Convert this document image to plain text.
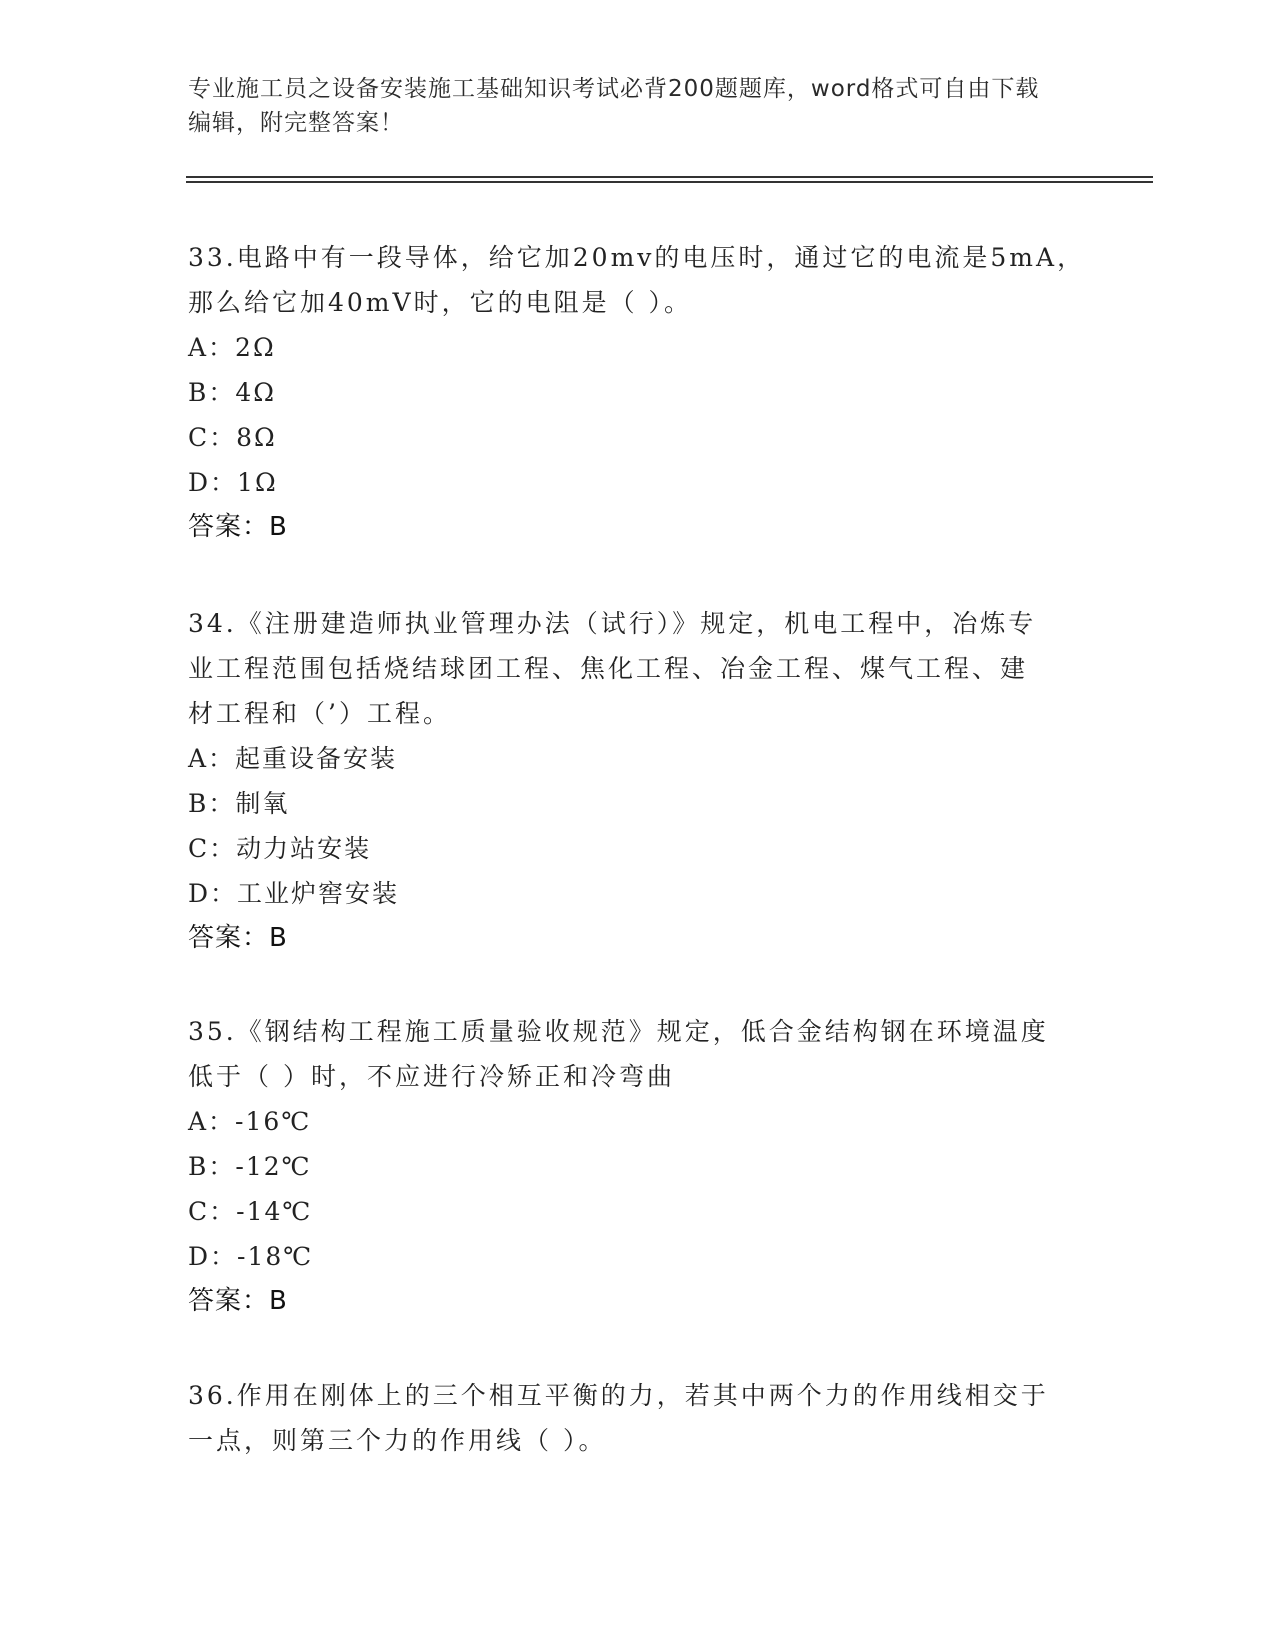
专业施工员之设备安装施工基础知识考试必背200题题库，word格式可自由下载
编辑，附完整答案！
33.电路中有一段导体，给它加20mv的电压时，通过它的电流是5mA，
那么给它加40mV时，它的电阻是（ ）。
A：2Ω
B：4Ω
C：8Ω
D：1Ω
答案：B
34.《注册建造师执业管理办法（试行）》规定，机电工程中，冶炼专
业工程范围包括烧结球团工程、焦化工程、冶金工程、煤气工程、建
材工程和（’）工程。
A：起重设备安装
B：制氧
C：动力站安装
D：工业炉窖安装
答案：B
35.《钢结构工程施工质量验收规范》规定，低合金结构钢在环境温度
低于（ ）时，不应进行冷矫正和冷弯曲
A：-16℃
B：-12℃
C：-14℃
D：-18℃
答案：B
36.作用在刚体上的三个相互平衡的力，若其中两个力的作用线相交于
一点，则第三个力的作用线（ ）。
